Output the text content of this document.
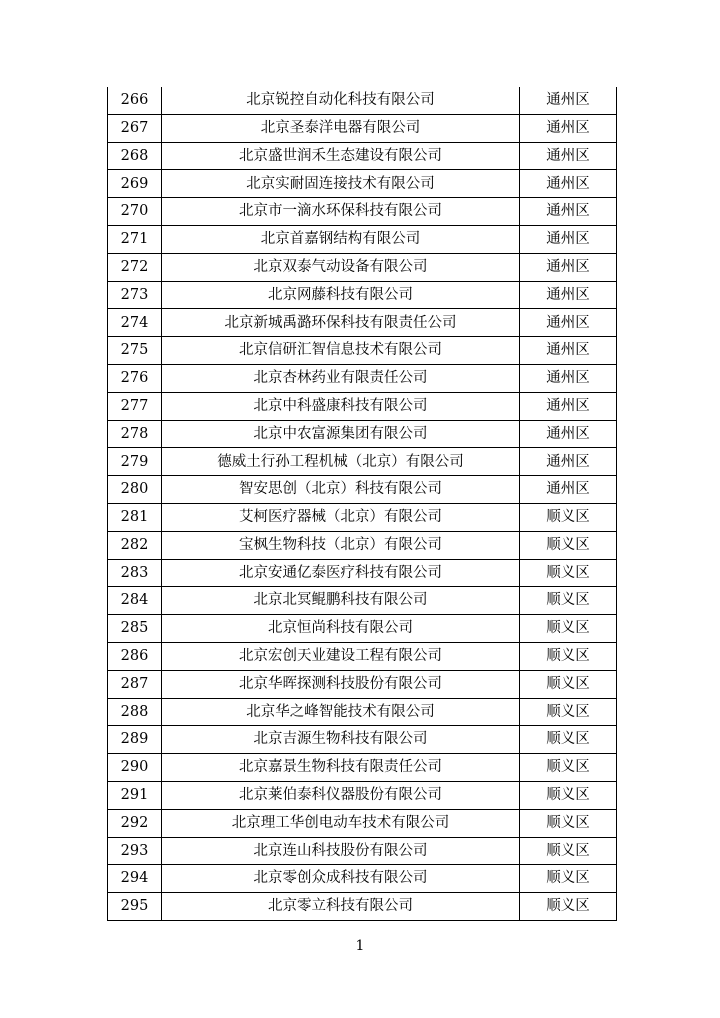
266	北京锐控自动化科技有限公司	通州区
267	北京圣泰洋电器有限公司	通州区
268	北京盛世润禾生态建设有限公司	通州区
269	北京实耐固连接技术有限公司	通州区
270	北京市一滴水环保科技有限公司	通州区
271	北京首嘉钢结构有限公司	通州区
272	北京双泰气动设备有限公司	通州区
273	北京网藤科技有限公司	通州区
274	北京新城禹潞环保科技有限责任公司	通州区
275	北京信研汇智信息技术有限公司	通州区
276	北京杏林药业有限责任公司	通州区
277	北京中科盛康科技有限公司	通州区
278	北京中农富源集团有限公司	通州区
279	德威土行孙工程机械（北京）有限公司	通州区
280	智安思创（北京）科技有限公司	通州区
281	艾柯医疗器械（北京）有限公司	顺义区
282	宝枫生物科技（北京）有限公司	顺义区
283	北京安通亿泰医疗科技有限公司	顺义区
284	北京北冥鲲鹏科技有限公司	顺义区
285	北京恒尚科技有限公司	顺义区
286	北京宏创天业建设工程有限公司	顺义区
287	北京华晖探测科技股份有限公司	顺义区
288	北京华之峰智能技术有限公司	顺义区
289	北京吉源生物科技有限公司	顺义区
290	北京嘉景生物科技有限责任公司	顺义区
291	北京莱伯泰科仪器股份有限公司	顺义区
292	北京理工华创电动车技术有限公司	顺义区
293	北京连山科技股份有限公司	顺义区
294	北京零创众成科技有限公司	顺义区
295	北京零立科技有限公司	顺义区
1
